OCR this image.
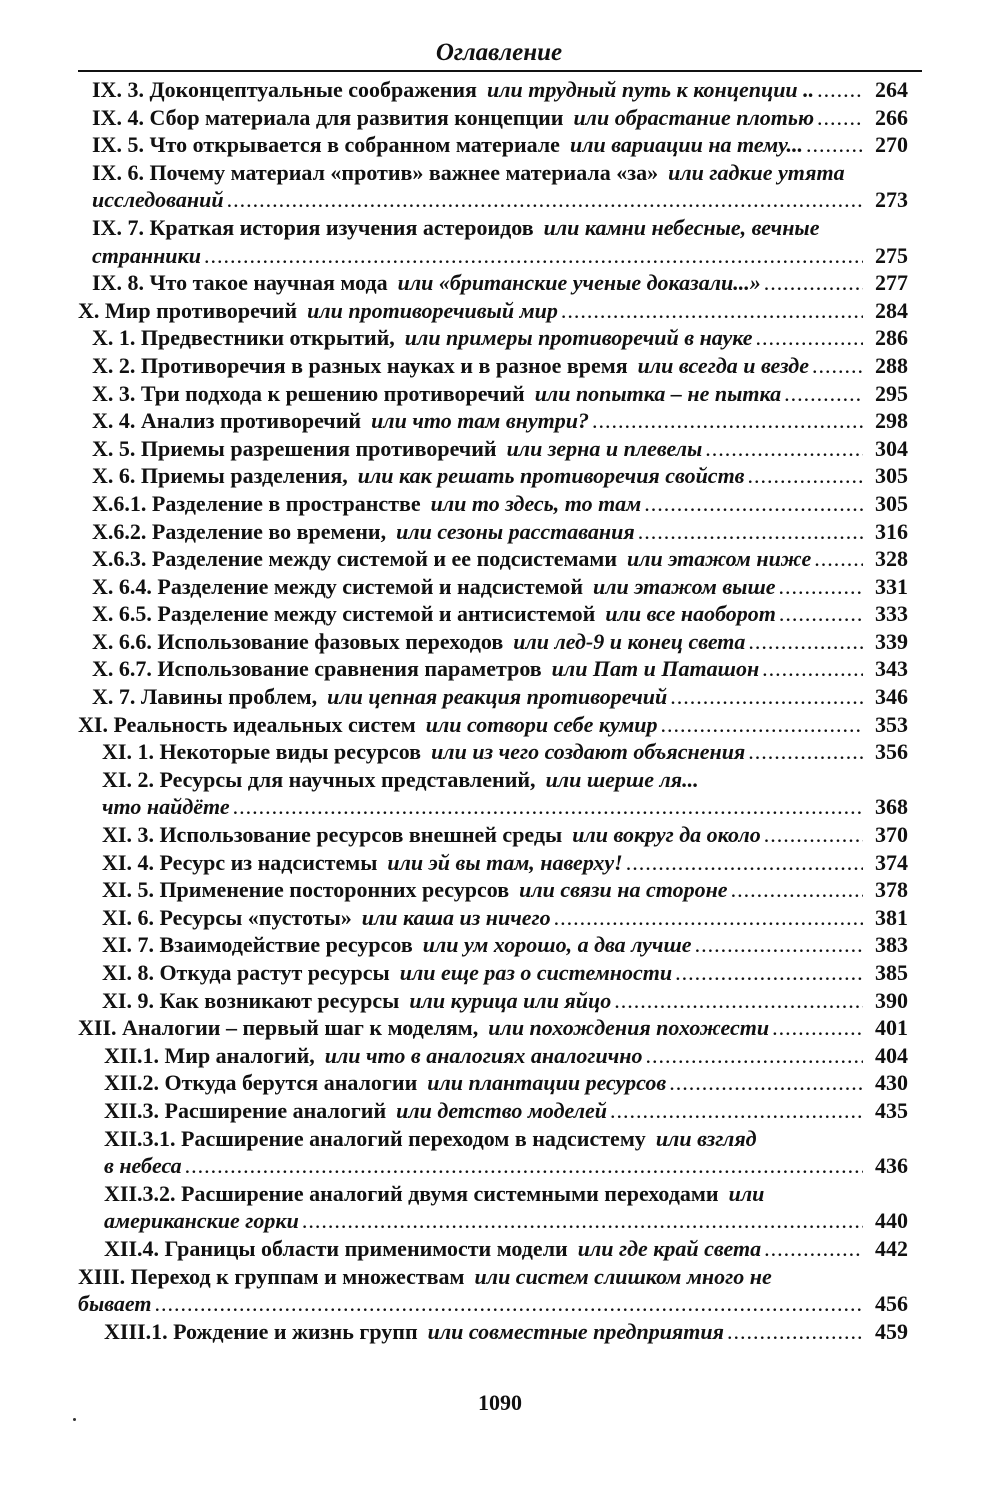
Оглавление
IX. 3. Доконцептуальные соображения или трудный путь к концепции .. .....	264
IX. 4. Сбор материала для развития концепции или обрастание плотью .....	266
IX. 5. Что открывается в собранном материале или вариации на тему... .....	270
IX. 6. Почему материал «против» важнее материала «за» или гадкие утята
исследований .....	273
IX. 7. Краткая история изучения астероидов или камни небесные, вечные
странники .....	275
IX. 8. Что такое научная мода или «британские ученые доказали...» .....	277
X. Мир противоречий или противоречивый мир .....	284
X. 1. Предвестники открытий, или примеры противоречий в науке .....	286
X. 2. Противоречия в разных науках и в разное время или всегда и везде .....	288
X. 3. Три подхода к решению противоречий или попытка – не пытка .....	295
X. 4. Анализ противоречий или что там внутри? .....	298
X. 5. Приемы разрешения противоречий или зерна и плевелы .....	304
X. 6. Приемы разделения, или как решать противоречия свойств .....	305
X.6.1. Разделение в пространстве или то здесь, то там .....	305
X.6.2. Разделение во времени, или сезоны расставания .....	316
X.6.3. Разделение между системой и ее подсистемами или этажом ниже .....	328
X. 6.4. Разделение между системой и надсистемой или этажом выше .....	331
X. 6.5. Разделение между системой и антисистемой или все наоборот .....	333
X. 6.6. Использование фазовых переходов или лед-9 и конец света .....	339
X. 6.7. Использование сравнения параметров или Пат и Паташон .....	343
X. 7. Лавины проблем, или цепная реакция противоречий .....	346
XI. Реальность идеальных систем или сотвори себе кумир .....	353
XI. 1. Некоторые виды ресурсов или из чего создают объяснения .....	356
XI. 2. Ресурсы для научных представлений, или шерше ля...
что найдёте .....	368
XI. 3. Использование ресурсов внешней среды или вокруг да около .....	370
XI. 4. Ресурс из надсистемы или эй вы там, наверху! .....	374
XI. 5. Применение посторонних ресурсов или связи на стороне .....	378
XI. 6. Ресурсы «пустоты» или каша из ничего .....	381
XI. 7. Взаимодействие ресурсов или ум хорошо, а два лучше .....	383
XI. 8. Откуда растут ресурсы или еще раз о системности .....	385
XI. 9. Как возникают ресурсы или курица или яйцо .....	390
XII. Аналогии – первый шаг к моделям, или похождения похожести .....	401
XII.1. Мир аналогий, или что в аналогиях аналогично .....	404
XII.2. Откуда берутся аналогии или плантации ресурсов .....	430
XII.3. Расширение аналогий или детство моделей .....	435
XII.3.1. Расширение аналогий переходом в надсистему или взгляд
в небеса .....	436
XII.3.2. Расширение аналогий двумя системными переходами или
американские горки .....	440
XII.4. Границы области применимости модели или где край света .....	442
XIII. Переход к группам и множествам или систем слишком много не
бывает .....	456
XIII.1. Рождение и жизнь групп или совместные предприятия .....	459
1090
